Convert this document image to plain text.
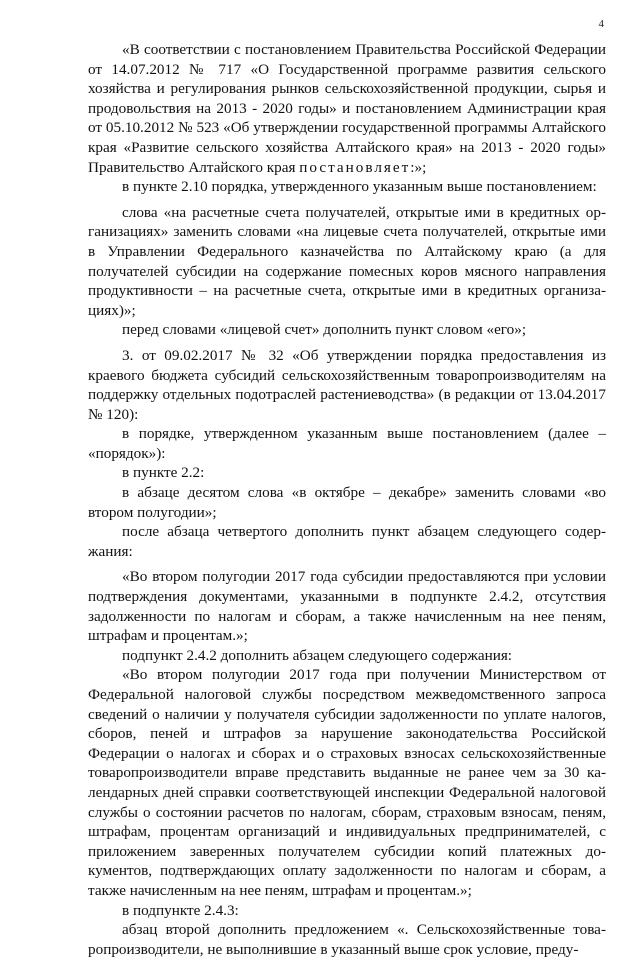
4

«В соответствии с постановлением Правительства Российской Федерации от 14.07.2012 № 717 «О Государственной программе развития сельского хозяйства и регулирования рынков сельскохозяйственной продукции, сырья и продовольствия на 2013 - 2020 годы» и постановлением Администрации края от 05.10.2012 № 523 «Об утверждении государственной программы Алтайского края «Развитие сельского хозяйства Алтайского края» на 2013 - 2020 годы» Правительство Алтайского края постановляет:»;

в пункте 2.10 порядка, утвержденного указанным выше постановлением:

слова «на расчетные счета получателей, открытые ими в кредитных организациях» заменить словами «на лицевые счета получателей, открытые ими в Управлении Федерального казначейства по Алтайскому краю (а для получателей субсидии на содержание помесных коров мясного направления продуктивности – на расчетные счета, открытые ими в кредитных организациях)»;

перед словами «лицевой счет» дополнить пункт словом «его»;

3. от 09.02.2017 № 32 «Об утверждении порядка предоставления из краевого бюджета субсидий сельскохозяйственным товаропроизводителям на поддержку отдельных подотраслей растениеводства» (в редакции от 13.04.2017 № 120):

в порядке, утвержденном указанным выше постановлением (далее – «порядок»):

в пункте 2.2:

в абзаце десятом слова «в октябре – декабре» заменить словами «во втором полугодии»;

после абзаца четвертого дополнить пункт абзацем следующего содержания:

«Во втором полугодии 2017 года субсидии предоставляются при условии подтверждения документами, указанными в подпункте 2.4.2, отсутствия задолженности по налогам и сборам, а также начисленным на нее пеням, штрафам и процентам.»;

подпункт 2.4.2 дополнить абзацем следующего содержания:

«Во втором полугодии 2017 года при получении Министерством от Федеральной налоговой службы посредством межведомственного запроса сведений о наличии у получателя субсидии задолженности по уплате налогов, сборов, пеней и штрафов за нарушение законодательства Российской Федерации о налогах и сборах и о страховых взносах сельскохозяйственные товаропроизводители вправе представить выданные не ранее чем за 30 календарных дней справки соответствующей инспекции Федеральной налоговой службы о состоянии расчетов по налогам, сборам, страховым взносам, пеням, штрафам, процентам организаций и индивидуальных предпринимателей, с приложением заверенных получателем субсидии копий платежных документов, подтверждающих оплату задолженности по налогам и сборам, а также начисленным на нее пеням, штрафам и процентам.»;

в подпункте 2.4.3:

абзац второй дополнить предложением «. Сельскохозяйственные товаропроизводители, не выполнившие в указанный выше срок условие, преду-
